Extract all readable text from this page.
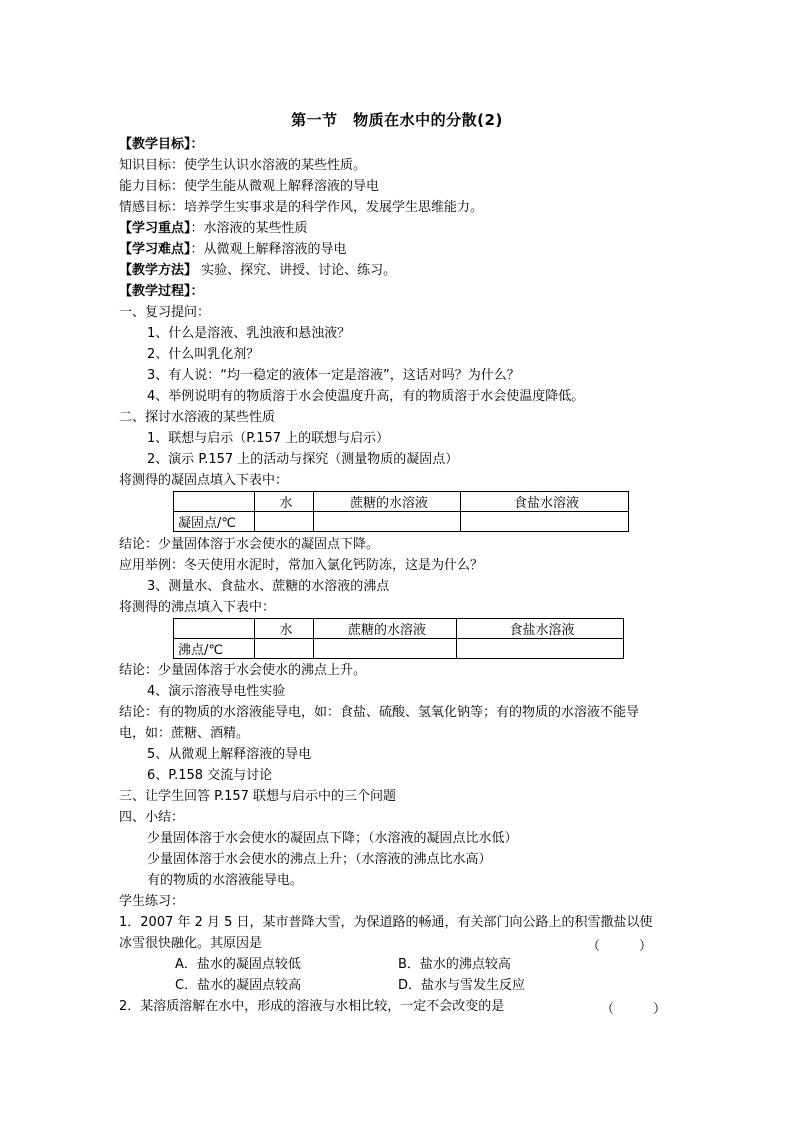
第一节　物质在水中的分散(2)
【教学目标】：
知识目标：使学生认识水溶液的某些性质。
能力目标：使学生能从微观上解释溶液的导电
情感目标：培养学生实事求是的科学作风，发展学生思维能力。
【学习重点】：水溶液的某些性质
【学习难点】：从微观上解释溶液的导电
【教学方法】 实验、探究、讲授、讨论、练习。
【教学过程】：
一、复习提问：
1、什么是溶液、乳浊液和悬浊液？
2、什么叫乳化剂？
3、有人说：“均一稳定的液体一定是溶液”，这话对吗？为什么？
4、举例说明有的物质溶于水会使温度升高，有的物质溶于水会使温度降低。
二、探讨水溶液的某些性质
1、联想与启示（P.157 上的联想与启示）
2、演示 P.157 上的活动与探究（测量物质的凝固点）
将测得的凝固点填入下表中：
	水	蔗糖的水溶液	食盐水溶液
凝固点/℃			
结论：少量固体溶于水会使水的凝固点下降。
应用举例：冬天使用水泥时，常加入氯化钙防冻，这是为什么？
3、测量水、食盐水、蔗糖的水溶液的沸点
将测得的沸点填入下表中：
	水	蔗糖的水溶液	食盐水溶液
沸点/℃			
结论：少量固体溶于水会使水的沸点上升。
4、演示溶液导电性实验
结论：有的物质的水溶液能导电，如：食盐、硫酸、氢氧化钠等；有的物质的水溶液不能导
电，如：蔗糖、酒精。
5、从微观上解释溶液的导电
6、P.158 交流与讨论
三、让学生回答 P.157 联想与启示中的三个问题
四、小结：
少量固体溶于水会使水的凝固点下降；（水溶液的凝固点比水低）
少量固体溶于水会使水的沸点上升；（水溶液的沸点比水高）
有的物质的水溶液能导电。
学生练习：
1．2007 年 2 月 5 日，某市普降大雪，为保道路的畅通，有关部门向公路上的积雪撒盐以使
冰雪很快融化。其原因是	（　　　）
A．盐水的凝固点较低	B．盐水的沸点较高
C．盐水的凝固点较高	D．盐水与雪发生反应
2．某溶质溶解在水中，形成的溶液与水相比较，一定不会改变的是	（　　　）
